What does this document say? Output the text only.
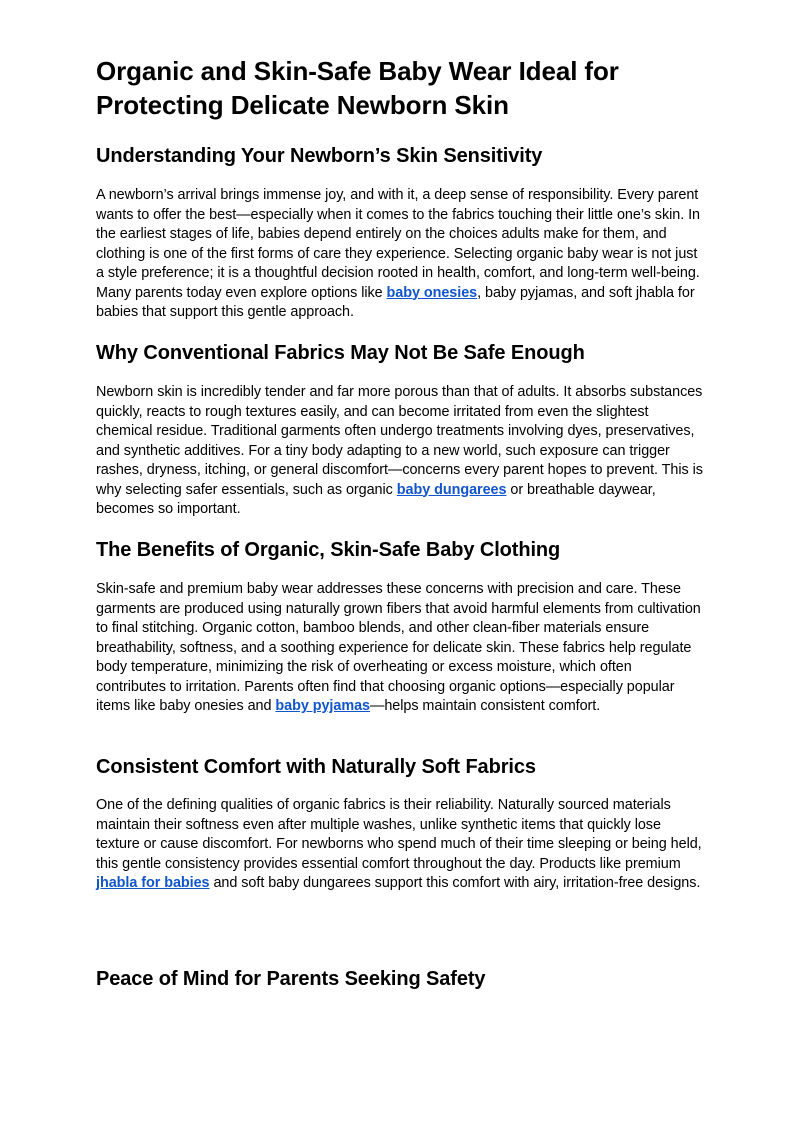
Organic and Skin-Safe Baby Wear Ideal for Protecting Delicate Newborn Skin
Understanding Your Newborn’s Skin Sensitivity

A newborn’s arrival brings immense joy, and with it, a deep sense of responsibility. Every parent wants to offer the best—especially when it comes to the fabrics touching their little one’s skin. In the earliest stages of life, babies depend entirely on the choices adults make for them, and clothing is one of the first forms of care they experience. Selecting organic baby wear is not just a style preference; it is a thoughtful decision rooted in health, comfort, and long-term well-being. Many parents today even explore options like baby onesies, baby pyjamas, and soft jhabla for babies that support this gentle approach.

Why Conventional Fabrics May Not Be Safe Enough

Newborn skin is incredibly tender and far more porous than that of adults. It absorbs substances quickly, reacts to rough textures easily, and can become irritated from even the slightest chemical residue. Traditional garments often undergo treatments involving dyes, preservatives, and synthetic additives. For a tiny body adapting to a new world, such exposure can trigger rashes, dryness, itching, or general discomfort—concerns every parent hopes to prevent. This is why selecting safer essentials, such as organic baby dungarees or breathable daywear, becomes so important.

The Benefits of Organic, Skin-Safe Baby Clothing

Skin-safe and premium baby wear addresses these concerns with precision and care. These garments are produced using naturally grown fibers that avoid harmful elements from cultivation to final stitching. Organic cotton, bamboo blends, and other clean-fiber materials ensure breathability, softness, and a soothing experience for delicate skin. These fabrics help regulate body temperature, minimizing the risk of overheating or excess moisture, which often contributes to irritation. Parents often find that choosing organic options—especially popular items like baby onesies and baby pyjamas—helps maintain consistent comfort.

Consistent Comfort with Naturally Soft Fabrics

One of the defining qualities of organic fabrics is their reliability. Naturally sourced materials maintain their softness even after multiple washes, unlike synthetic items that quickly lose texture or cause discomfort. For newborns who spend much of their time sleeping or being held, this gentle consistency provides essential comfort throughout the day. Products like premium jhabla for babies and soft baby dungarees support this comfort with airy, irritation-free designs.

Peace of Mind for Parents Seeking Safety
